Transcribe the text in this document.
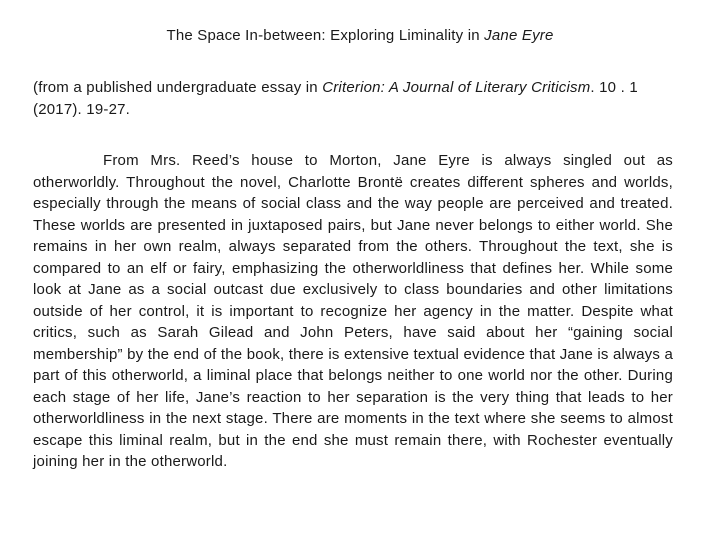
The Space In-between: Exploring Liminality in Jane Eyre

(from a published undergraduate essay in Criterion: A Journal of Literary Criticism. 10 . 1 (2017). 19-27.

From Mrs. Reed’s house to Morton, Jane Eyre is always singled out as otherworldly. Throughout the novel, Charlotte Brontë creates different spheres and worlds, especially through the means of social class and the way people are perceived and treated. These worlds are presented in juxtaposed pairs, but Jane never belongs to either world. She remains in her own realm, always separated from the others. Throughout the text, she is compared to an elf or fairy, emphasizing the otherworldliness that defines her. While some look at Jane as a social outcast due exclusively to class boundaries and other limitations outside of her control, it is important to recognize her agency in the matter. Despite what critics, such as Sarah Gilead and John Peters, have said about her “gaining social membership” by the end of the book, there is extensive textual evidence that Jane is always a part of this otherworld, a liminal place that belongs neither to one world nor the other. During each stage of her life, Jane’s reaction to her separation is the very thing that leads to her otherworldliness in the next stage. There are moments in the text where she seems to almost escape this liminal realm, but in the end she must remain there, with Rochester eventually joining her in the otherworld.
